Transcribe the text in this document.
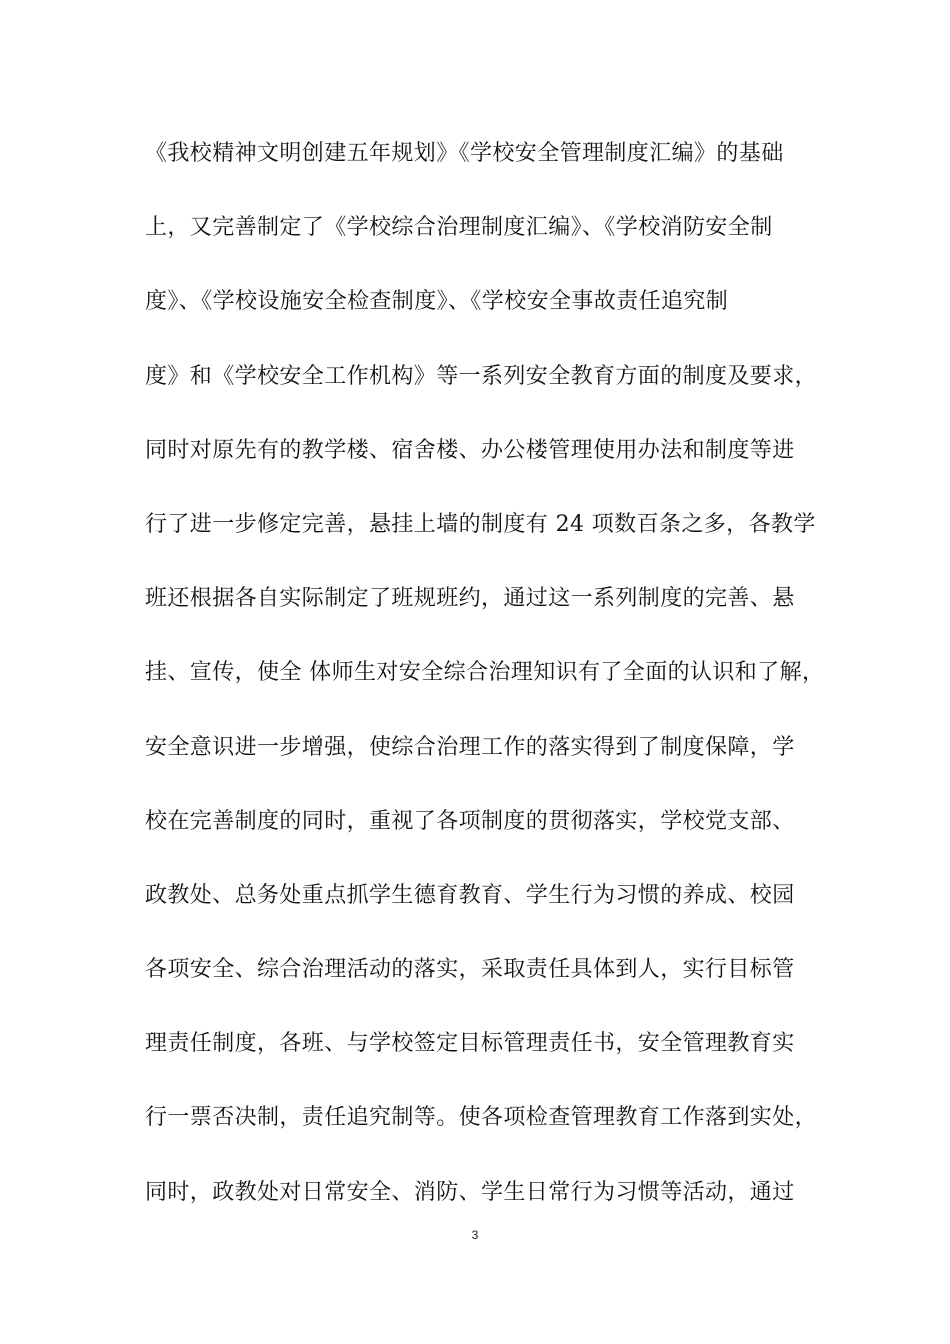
《我校精神文明创建五年规划》《学校安全管理制度汇编》的基础
上，又完善制定了《学校综合治理制度汇编》、《学校消防安全制
度》、《学校设施安全检查制度》、《学校安全事故责任追究制
度》和《学校安全工作机构》等一系列安全教育方面的制度及要求，
同时对原先有的教学楼、宿舍楼、办公楼管理使用办法和制度等进
行了进一步修定完善，悬挂上墙的制度有 24 项数百条之多，各教学
班还根据各自实际制定了班规班约，通过这一系列制度的完善、悬
挂、宣传，使全 体师生对安全综合治理知识有了全面的认识和了解，
安全意识进一步增强，使综合治理工作的落实得到了制度保障，学
校在完善制度的同时，重视了各项制度的贯彻落实，学校党支部、
政教处、总务处重点抓学生德育教育、学生行为习惯的养成、校园
各项安全、综合治理活动的落实，采取责任具体到人，实行目标管
理责任制度，各班、与学校签定目标管理责任书，安全管理教育实
行一票否决制，责任追究制等。使各项检查管理教育工作落到实处，
同时，政教处对日常安全、消防、学生日常行为习惯等活动，通过
3
